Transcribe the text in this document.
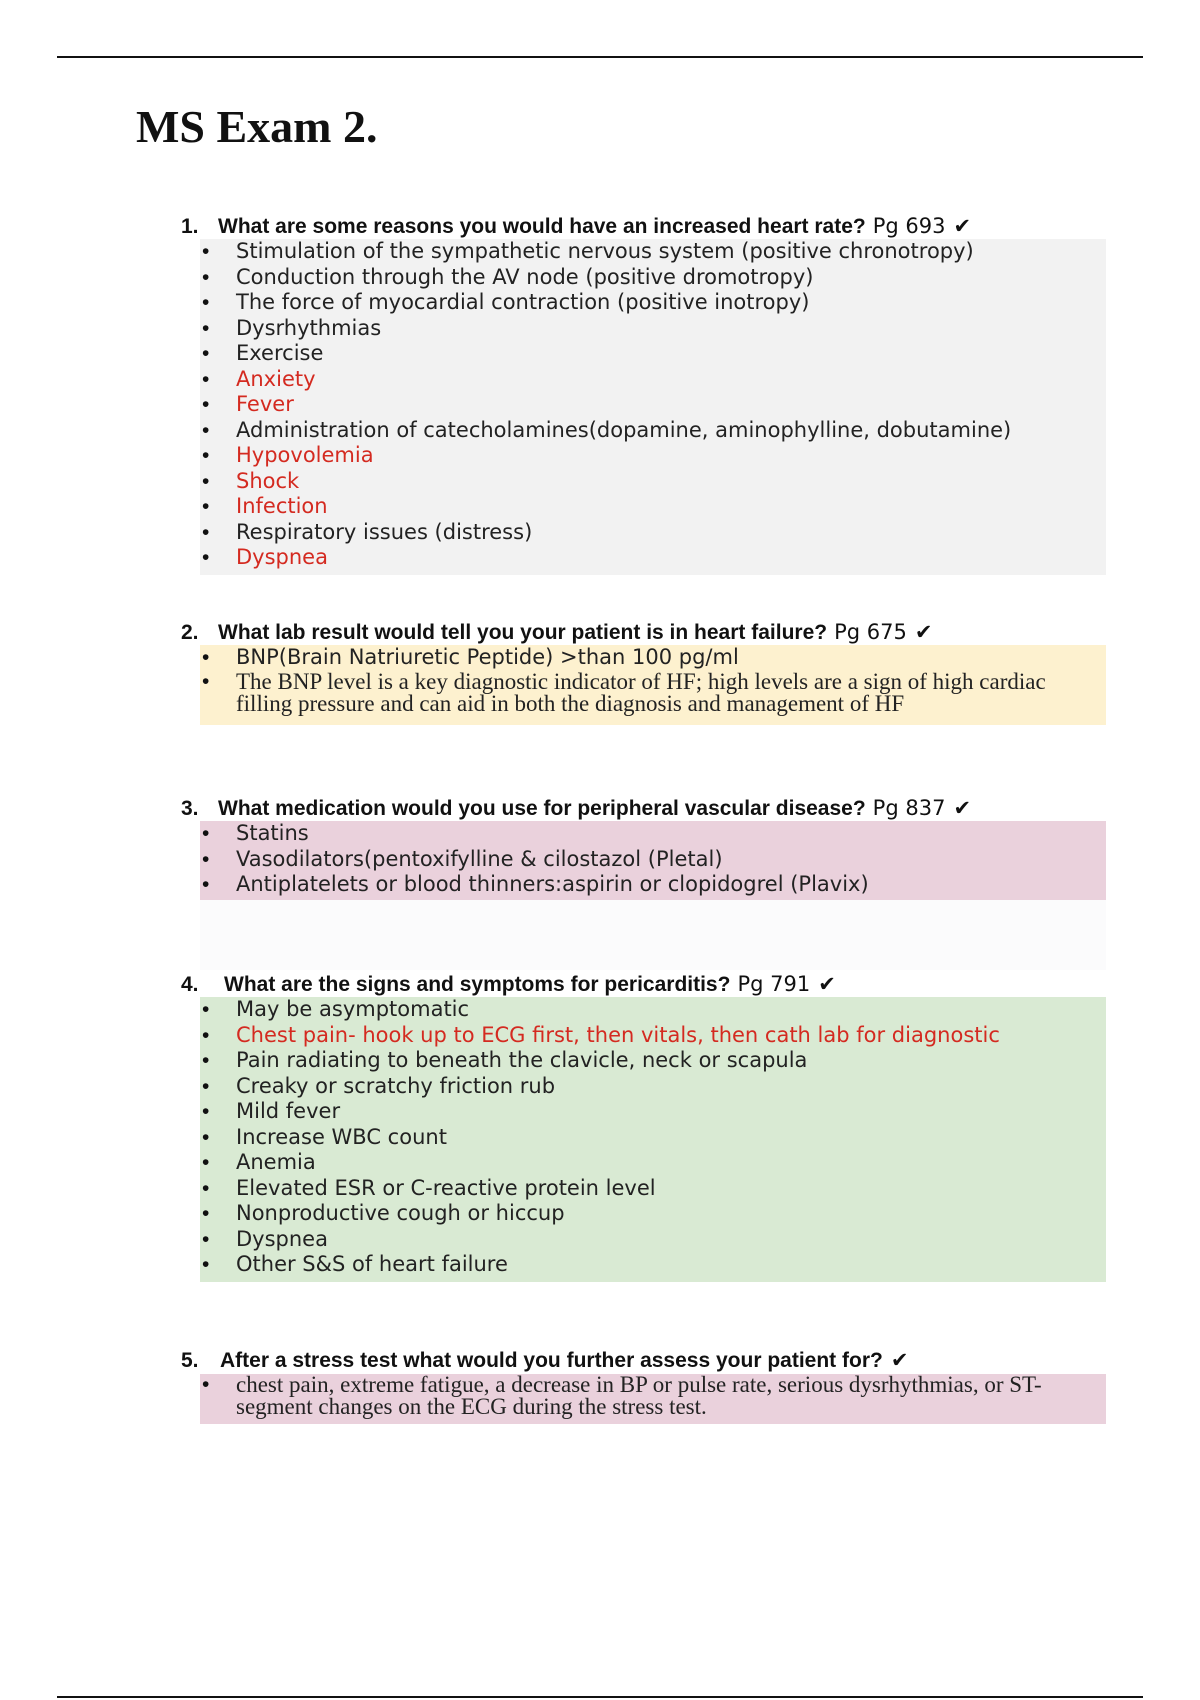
MS Exam 2.
1. What are some reasons you would have an increased heart rate? Pg 693 ✔
• Stimulation of the sympathetic nervous system (positive chronotropy)
• Conduction through the AV node (positive dromotropy)
• The force of myocardial contraction (positive inotropy)
• Dysrhythmias
• Exercise
• Anxiety
• Fever
• Administration of catecholamines(dopamine, aminophylline, dobutamine)
• Hypovolemia
• Shock
• Infection
• Respiratory issues (distress)
• Dyspnea
2. What lab result would tell you your patient is in heart failure? Pg 675 ✔
• BNP(Brain Natriuretic Peptide) >than 100 pg/ml
• The BNP level is a key diagnostic indicator of HF; high levels are a sign of high cardiac filling pressure and can aid in both the diagnosis and management of HF
3. What medication would you use for peripheral vascular disease? Pg 837 ✔
• Statins
• Vasodilators(pentoxifylline & cilostazol (Pletal)
• Antiplatelets or blood thinners:aspirin or clopidogrel (Plavix)
4.	What are the signs and symptoms for pericarditis? Pg 791 ✔
• May be asymptomatic
• Chest pain- hook up to ECG first, then vitals, then cath lab for diagnostic
• Pain radiating to beneath the clavicle, neck or scapula
• Creaky or scratchy friction rub
• Mild fever
• Increase WBC count
• Anemia
• Elevated ESR or C-reactive protein level
• Nonproductive cough or hiccup
• Dyspnea
• Other S&S of heart failure
5.	After a stress test what would you further assess your patient for? ✔
• chest pain, extreme fatigue, a decrease in BP or pulse rate, serious dysrhythmias, or ST-segment changes on the ECG during the stress test.
